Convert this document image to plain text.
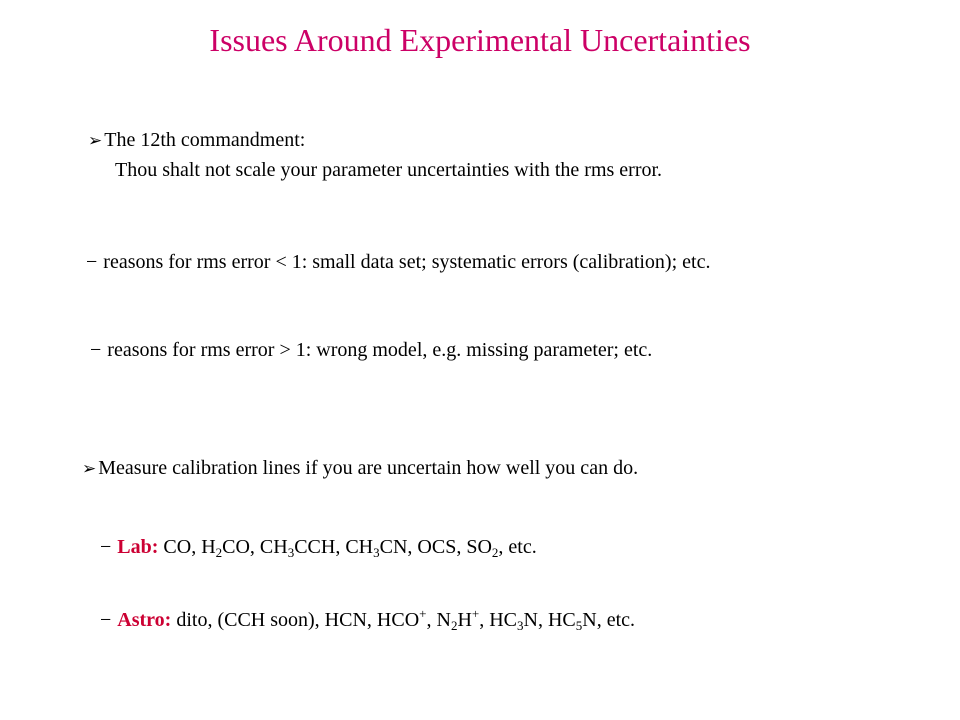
Issues Around Experimental Uncertainties
➢ The 12th commandment:
Thou shalt not scale your parameter uncertainties with the rms error.
− reasons for rms error < 1: small data set; systematic errors (calibration); etc.
− reasons for rms error > 1: wrong model, e.g. missing parameter; etc.
➢ Measure calibration lines if you are uncertain how well you can do.
− Lab: CO, $H_2CO$, $CH_3CCH$, $CH_3CN$, OCS, $SO_2$, etc.
− Astro: dito, (CCH soon), HCN, HCO+, $N_2H^+$, $HC_3N$, $HC_5N$, etc.
